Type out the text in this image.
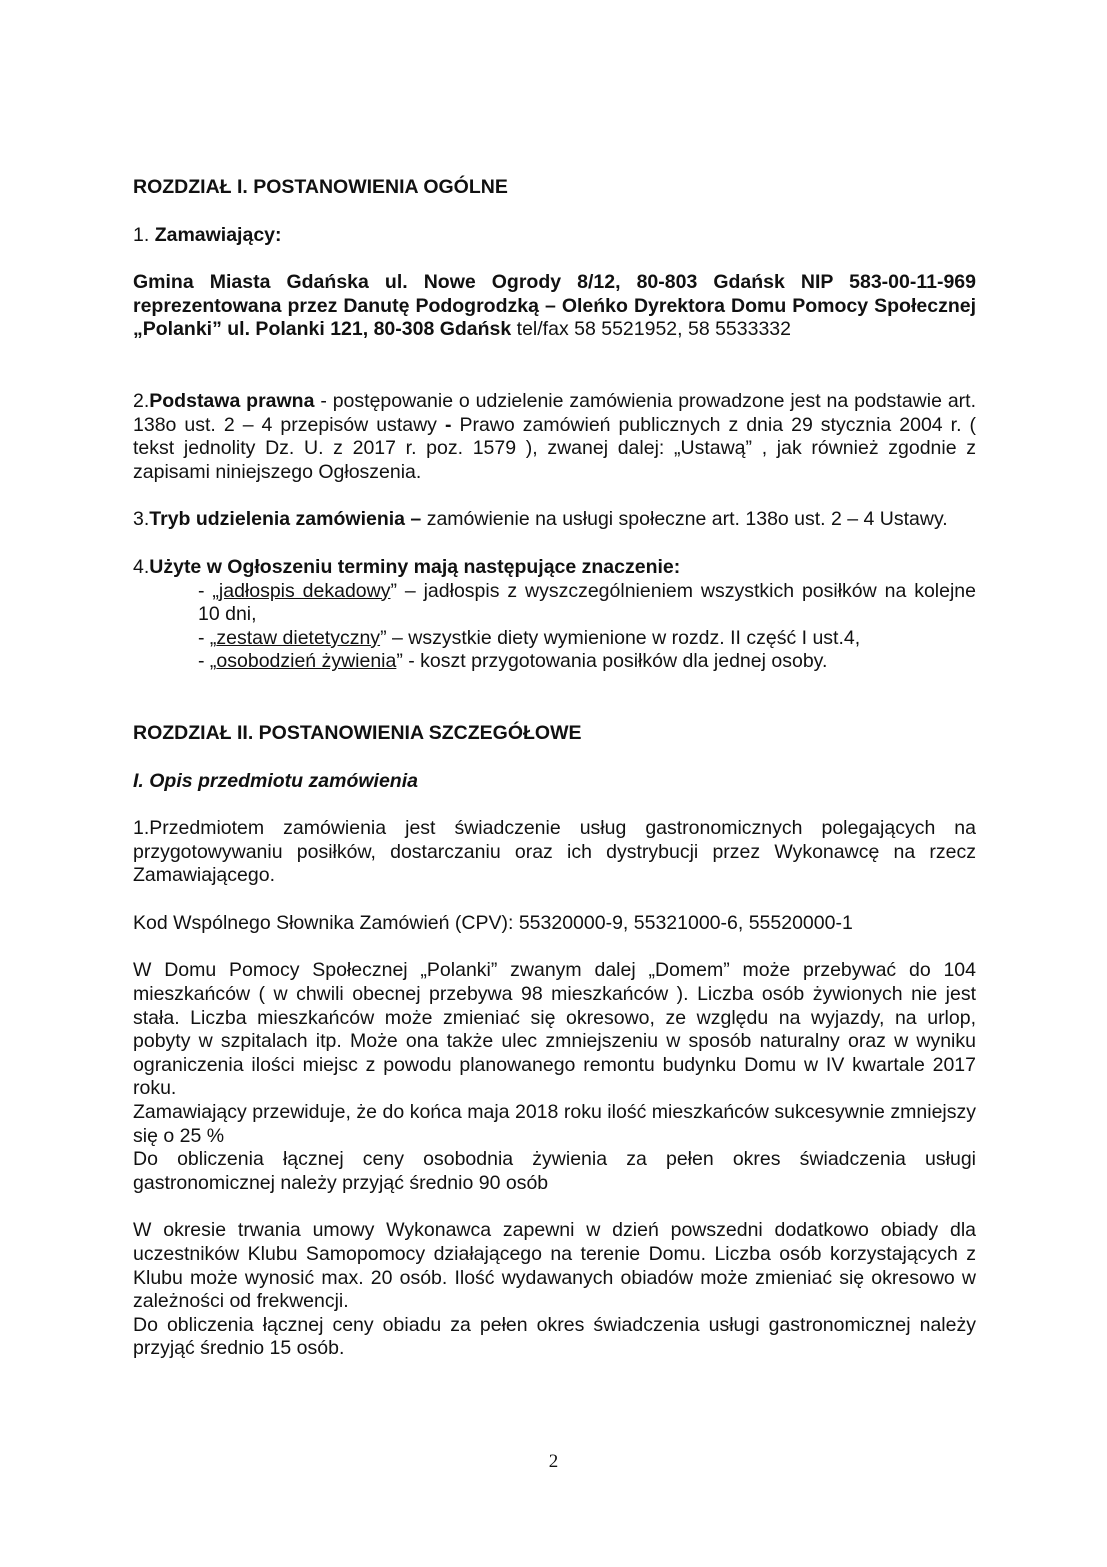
ROZDZIAŁ I. POSTANOWIENIA OGÓLNE

1. Zamawiający:

Gmina Miasta Gdańska ul. Nowe Ogrody 8/12, 80-803 Gdańsk NIP 583-00-11-969 reprezentowana przez Danutę Podogrodzką – Oleńko Dyrektora Domu Pomocy Społecznej „Polanki” ul. Polanki 121, 80-308 Gdańsk tel/fax 58 5521952, 58 5533332

2.Podstawa prawna - postępowanie o udzielenie zamówienia prowadzone jest na podstawie art. 138o ust. 2 – 4 przepisów ustawy - Prawo zamówień publicznych z dnia 29 stycznia 2004 r. ( tekst jednolity Dz. U. z 2017 r. poz. 1579 ), zwanej dalej: „Ustawą” , jak również zgodnie z zapisami niniejszego Ogłoszenia.

3.Tryb udzielenia zamówienia – zamówienie na usługi społeczne art. 138o ust. 2 – 4 Ustawy.

4.Użyte w Ogłoszeniu terminy mają następujące znaczenie:

- „jadłospis dekadowy” – jadłospis z wyszczególnieniem wszystkich posiłków na kolejne 10 dni,
- „zestaw dietetyczny” – wszystkie diety wymienione w rozdz. II część I ust.4,
- „osobodzień żywienia” - koszt przygotowania posiłków dla jednej osoby.

ROZDZIAŁ II. POSTANOWIENIA SZCZEGÓŁOWE

I. Opis przedmiotu zamówienia

1.Przedmiotem zamówienia jest świadczenie usług gastronomicznych polegających na przygotowywaniu posiłków, dostarczaniu oraz ich dystrybucji przez Wykonawcę na rzecz Zamawiającego.

Kod Wspólnego Słownika Zamówień (CPV): 55320000-9, 55321000-6, 55520000-1

W Domu Pomocy Społecznej „Polanki” zwanym dalej „Domem” może przebywać do 104 mieszkańców ( w chwili obecnej przebywa 98 mieszkańców ). Liczba osób żywionych nie jest stała. Liczba mieszkańców może zmieniać się okresowo, ze względu na wyjazdy, na urlop, pobyty w szpitalach itp. Może ona także ulec zmniejszeniu w sposób naturalny oraz w wyniku ograniczenia ilości miejsc z powodu planowanego remontu budynku Domu w IV kwartale 2017 roku.

Zamawiający przewiduje, że do końca maja 2018 roku ilość mieszkańców sukcesywnie zmniejszy się o 25 %

Do obliczenia łącznej ceny osobodnia żywienia za pełen okres świadczenia usługi gastronomicznej należy przyjąć średnio 90 osób

W okresie trwania umowy Wykonawca zapewni w dzień powszedni dodatkowo obiady dla uczestników Klubu Samopomocy działającego na terenie Domu. Liczba osób korzystających z Klubu może wynosić max. 20 osób. Ilość wydawanych obiadów może zmieniać się okresowo w zależności od frekwencji.

Do obliczenia łącznej ceny obiadu za pełen okres świadczenia usługi gastronomicznej należy przyjąć średnio 15 osób.

2
